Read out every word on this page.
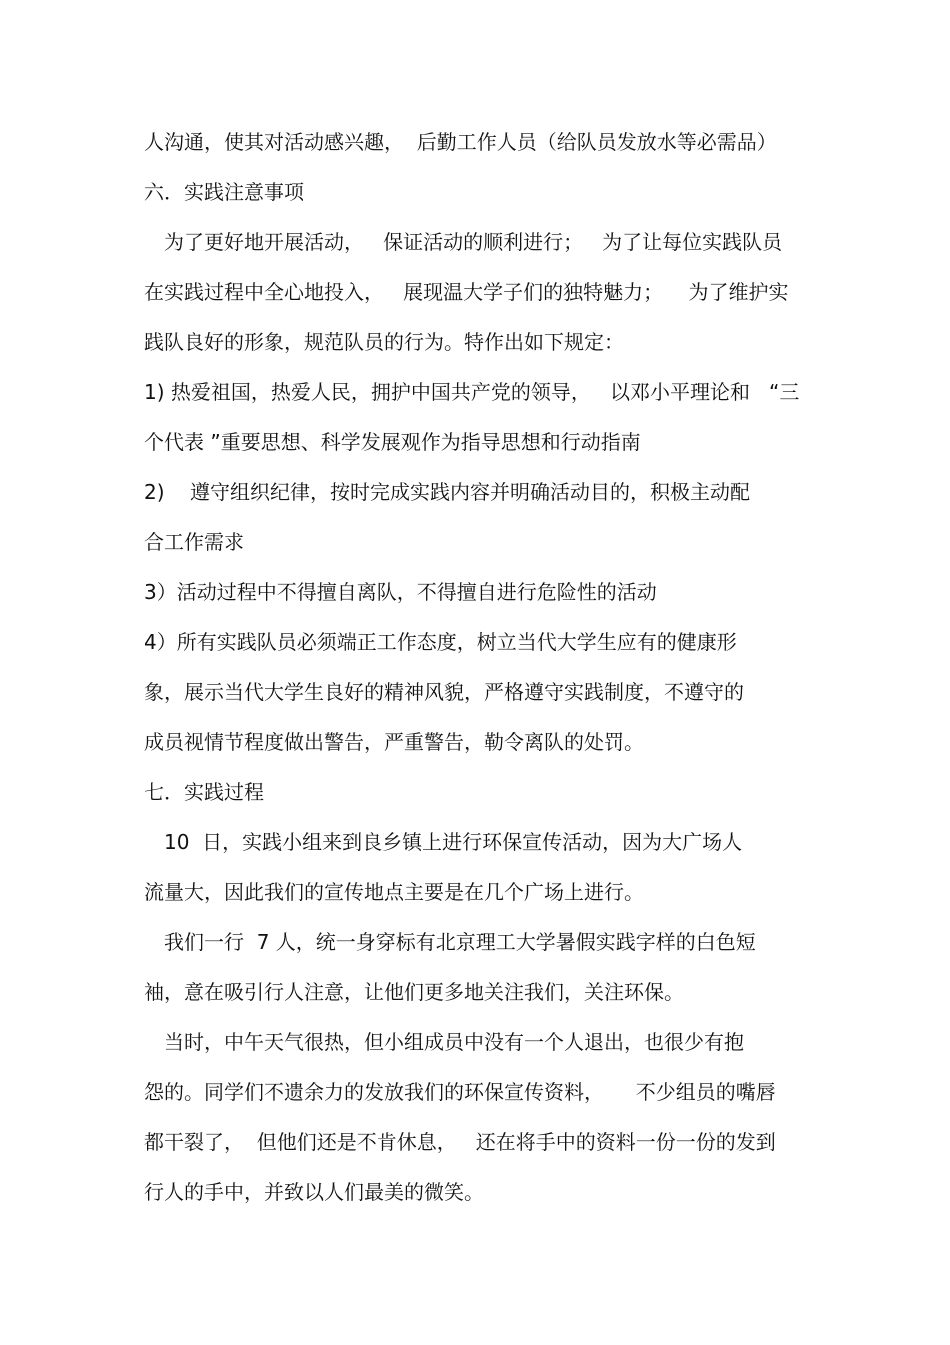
人沟通，使其对活动感兴趣，  后勤工作人员（给队员发放水等必需品）
六．实践注意事项
为了更好地开展活动，   保证活动的顺利进行；   为了让每位实践队员
在实践过程中全心地投入，   展现温大学子们的独特魅力；    为了维护实
践队良好的形象，规范队员的行为。特作出如下规定：
1) 热爱祖国，热爱人民，拥护中国共产党的领导，   以邓小平理论和   “三
个代表 ”重要思想、科学发展观作为指导思想和行动指南
2)    遵守组织纪律，按时完成实践内容并明确活动目的，积极主动配
合工作需求
3）活动过程中不得擅自离队，不得擅自进行危险性的活动
4）所有实践队员必须端正工作态度，树立当代大学生应有的健康形
象，展示当代大学生良好的精神风貌，严格遵守实践制度，不遵守的
成员视情节程度做出警告，严重警告，勒令离队的处罚。
七．实践过程
10  日，实践小组来到良乡镇上进行环保宣传活动，因为大广场人
流量大，因此我们的宣传地点主要是在几个广场上进行。
我们一行  7 人，统一身穿标有北京理工大学暑假实践字样的白色短
袖，意在吸引行人注意，让他们更多地关注我们，关注环保。
当时，中午天气很热，但小组成员中没有一个人退出，也很少有抱
怨的。同学们不遗余力的发放我们的环保宣传资料，     不少组员的嘴唇
都干裂了，  但他们还是不肯休息，   还在将手中的资料一份一份的发到
行人的手中，并致以人们最美的微笑。
